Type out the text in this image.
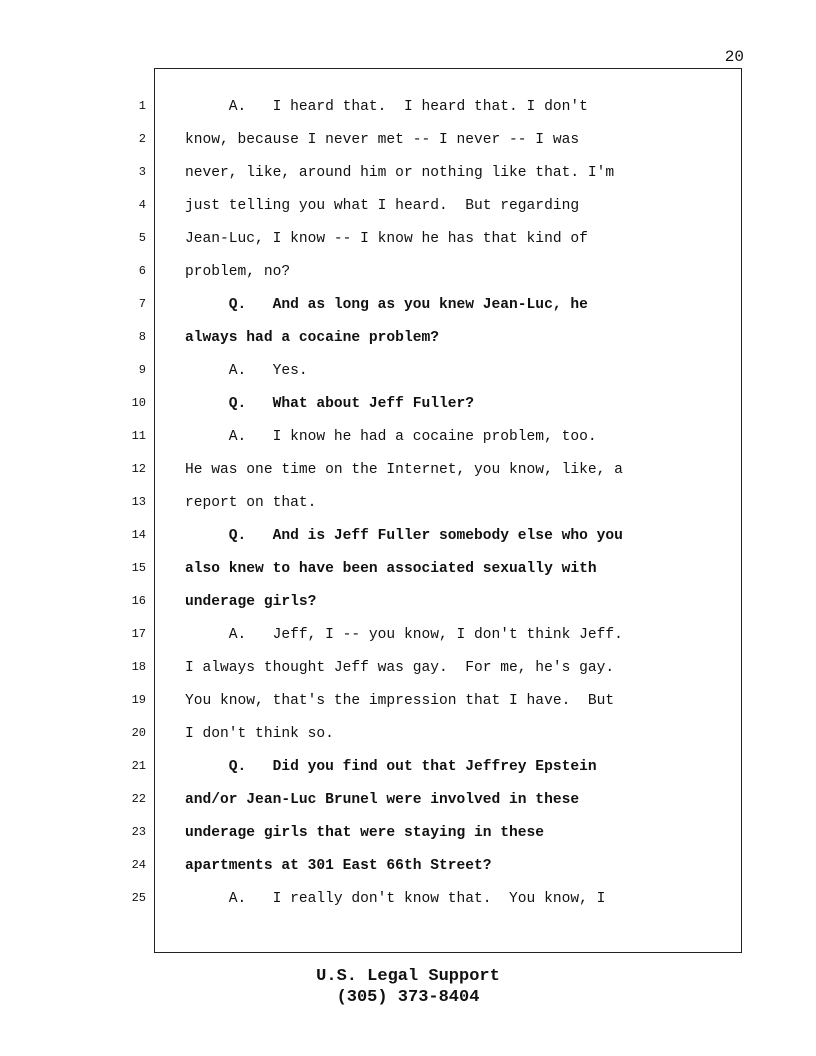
20
1	A.   I heard that.  I heard that. I don't
2	know, because I never met -- I never -- I was
3	never, like, around him or nothing like that. I'm
4	just telling you what I heard.  But regarding
5	Jean-Luc, I know -- I know he has that kind of
6	problem, no?
7	Q.   And as long as you knew Jean-Luc, he
8	always had a cocaine problem?
9	A.   Yes.
10	Q.   What about Jeff Fuller?
11	A.   I know he had a cocaine problem, too.
12	He was one time on the Internet, you know, like, a
13	report on that.
14	Q.   And is Jeff Fuller somebody else who you
15	also knew to have been associated sexually with
16	underage girls?
17	A.   Jeff, I -- you know, I don't think Jeff.
18	I always thought Jeff was gay.  For me, he's gay.
19	You know, that's the impression that I have.  But
20	I don't think so.
21	Q.   Did you find out that Jeffrey Epstein
22	and/or Jean-Luc Brunel were involved in these
23	underage girls that were staying in these
24	apartments at 301 East 66th Street?
25	A.   I really don't know that.  You know, I
U.S. Legal Support
(305) 373-8404
